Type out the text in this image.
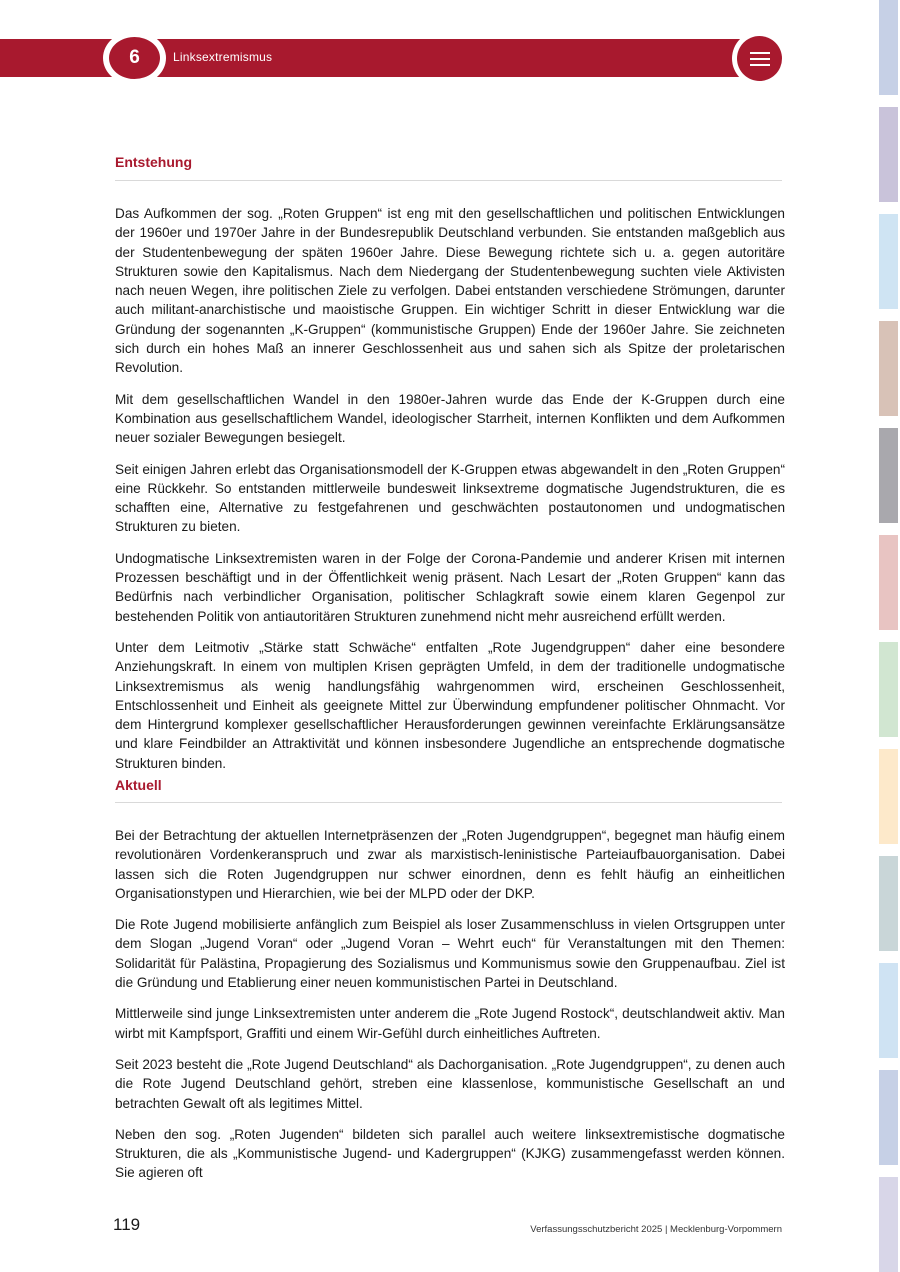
6	Linksextremismus
Entstehung

Das Aufkommen der sog. „Roten Gruppen“ ist eng mit den gesellschaftlichen und politischen Entwicklungen der 1960er und 1970er Jahre in der Bundesrepublik Deutschland verbunden. Sie entstanden maßgeblich aus der Studentenbewegung der späten 1960er Jahre. Diese Bewegung richtete sich u. a. gegen autoritäre Strukturen sowie den Kapitalismus. Nach dem Niedergang der Studentenbewegung suchten viele Aktivisten nach neuen Wegen, ihre politischen Ziele zu verfolgen. Dabei entstanden verschiedene Strömungen, darunter auch militant-anarchistische und maoistische Gruppen. Ein wichtiger Schritt in dieser Entwicklung war die Gründung der sogenannten „K-Gruppen“ (kommunistische Gruppen) Ende der 1960er Jahre. Sie zeichneten sich durch ein hohes Maß an innerer Geschlossenheit aus und sahen sich als Spitze der proletarischen Revolution.

Mit dem gesellschaftlichen Wandel in den 1980er-Jahren wurde das Ende der K-Gruppen durch eine Kombination aus gesellschaftlichem Wandel, ideologischer Starrheit, internen Konflikten und dem Aufkommen neuer sozialer Bewegungen besiegelt.

Seit einigen Jahren erlebt das Organisationsmodell der K-Gruppen etwas abgewandelt in den „Roten Gruppen“ eine Rückkehr. So entstanden mittlerweile bundesweit linksextreme dogmatische Jugendstrukturen, die es schafften eine, Alternative zu festgefahrenen und geschwächten postautonomen und undogmatischen Strukturen zu bieten.

Undogmatische Linksextremisten waren in der Folge der Corona-Pandemie und anderer Krisen mit internen Prozessen beschäftigt und in der Öffentlichkeit wenig präsent. Nach Lesart der „Roten Gruppen“ kann das Bedürfnis nach verbindlicher Organisation, politischer Schlagkraft sowie einem klaren Gegenpol zur bestehenden Politik von antiautoritären Strukturen zunehmend nicht mehr ausreichend erfüllt werden.

Unter dem Leitmotiv „Stärke statt Schwäche“ entfalten „Rote Jugendgruppen“ daher eine besondere Anziehungskraft. In einem von multiplen Krisen geprägten Umfeld, in dem der traditionelle undogmatische Linksextremismus als wenig handlungsfähig wahrgenommen wird, erscheinen Geschlossenheit, Entschlossenheit und Einheit als geeignete Mittel zur Überwindung empfundener politischer Ohnmacht. Vor dem Hintergrund komplexer gesellschaftlicher Herausforderungen gewinnen vereinfachte Erklärungsansätze und klare Feindbilder an Attraktivität und können insbesondere Jugendliche an entsprechende dogmatische Strukturen binden.

Aktuell

Bei der Betrachtung der aktuellen Internetpräsenzen der „Roten Jugendgruppen“, begegnet man häufig einem revolutionären Vordenkeranspruch und zwar als marxistisch-leninistische Parteiaufbauorganisation. Dabei lassen sich die Roten Jugendgruppen nur schwer einordnen, denn es fehlt häufig an einheitlichen Organisationstypen und Hierarchien, wie bei der MLPD oder der DKP.

Die Rote Jugend mobilisierte anfänglich zum Beispiel als loser Zusammenschluss in vielen Ortsgruppen unter dem Slogan „Jugend Voran“ oder „Jugend Voran – Wehrt euch“ für Veranstaltungen mit den Themen: Solidarität für Palästina, Propagierung des Sozialismus und Kommunismus sowie den Gruppenaufbau. Ziel ist die Gründung und Etablierung einer neuen kommunistischen Partei in Deutschland.

Mittlerweile sind junge Linksextremisten unter anderem die „Rote Jugend Rostock“, deutschlandweit aktiv. Man wirbt mit Kampfsport, Graffiti und einem Wir-Gefühl durch einheitliches Auftreten.

Seit 2023 besteht die „Rote Jugend Deutschland“ als Dachorganisation. „Rote Jugendgruppen“, zu denen auch die Rote Jugend Deutschland gehört, streben eine klassenlose, kommunistische Gesellschaft an und betrachten Gewalt oft als legitimes Mittel.

Neben den sog. „Roten Jugenden“ bildeten sich parallel auch weitere linksextremistische dogmatische Strukturen, die als „Kommunistische Jugend- und Kadergruppen“ (KJKG) zusammengefasst werden können. Sie agieren oft

119	Verfassungsschutzbericht 2025 | Mecklenburg-Vorpommern
